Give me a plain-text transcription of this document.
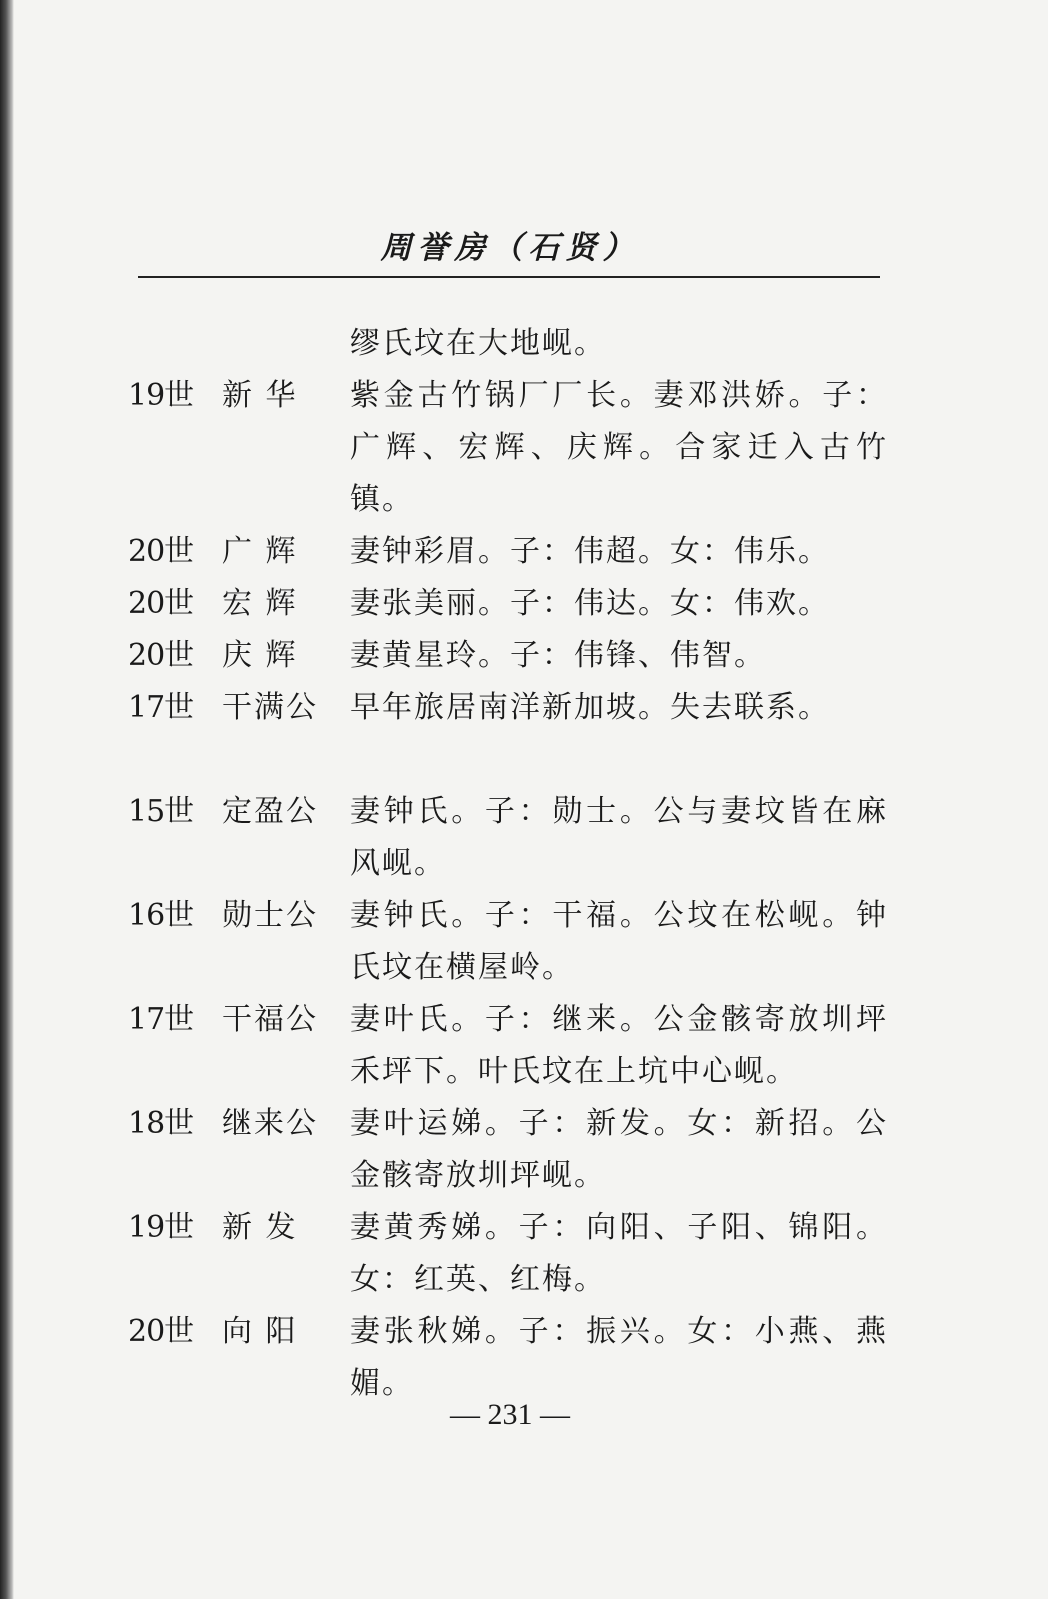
周誉房（石贤）
缪氏坟在大地岘。
19世 新 华	紫金古竹锅厂厂长。妻邓洪娇。子：广辉、宏辉、庆辉。合家迁入古竹镇。
20世 广 辉	妻钟彩眉。子：伟超。女：伟乐。
20世 宏 辉	妻张美丽。子：伟达。女：伟欢。
20世 庆 辉	妻黄星玲。子：伟锋、伟智。
17世 干满公	早年旅居南洋新加坡。失去联系。
15世 定盈公	妻钟氏。子：勋士。公与妻坟皆在麻风岘。
16世 勋士公	妻钟氏。子：干福。公坟在松岘。钟氏坟在横屋岭。
17世 干福公	妻叶氏。子：继来。公金骸寄放圳坪禾坪下。叶氏坟在上坑中心岘。
18世 继来公	妻叶运娣。子：新发。女：新招。公金骸寄放圳坪岘。
19世 新 发	妻黄秀娣。子：向阳、子阳、锦阳。女：红英、红梅。
20世 向 阳	妻张秋娣。子：振兴。女：小燕、燕媚。
— 231 —
